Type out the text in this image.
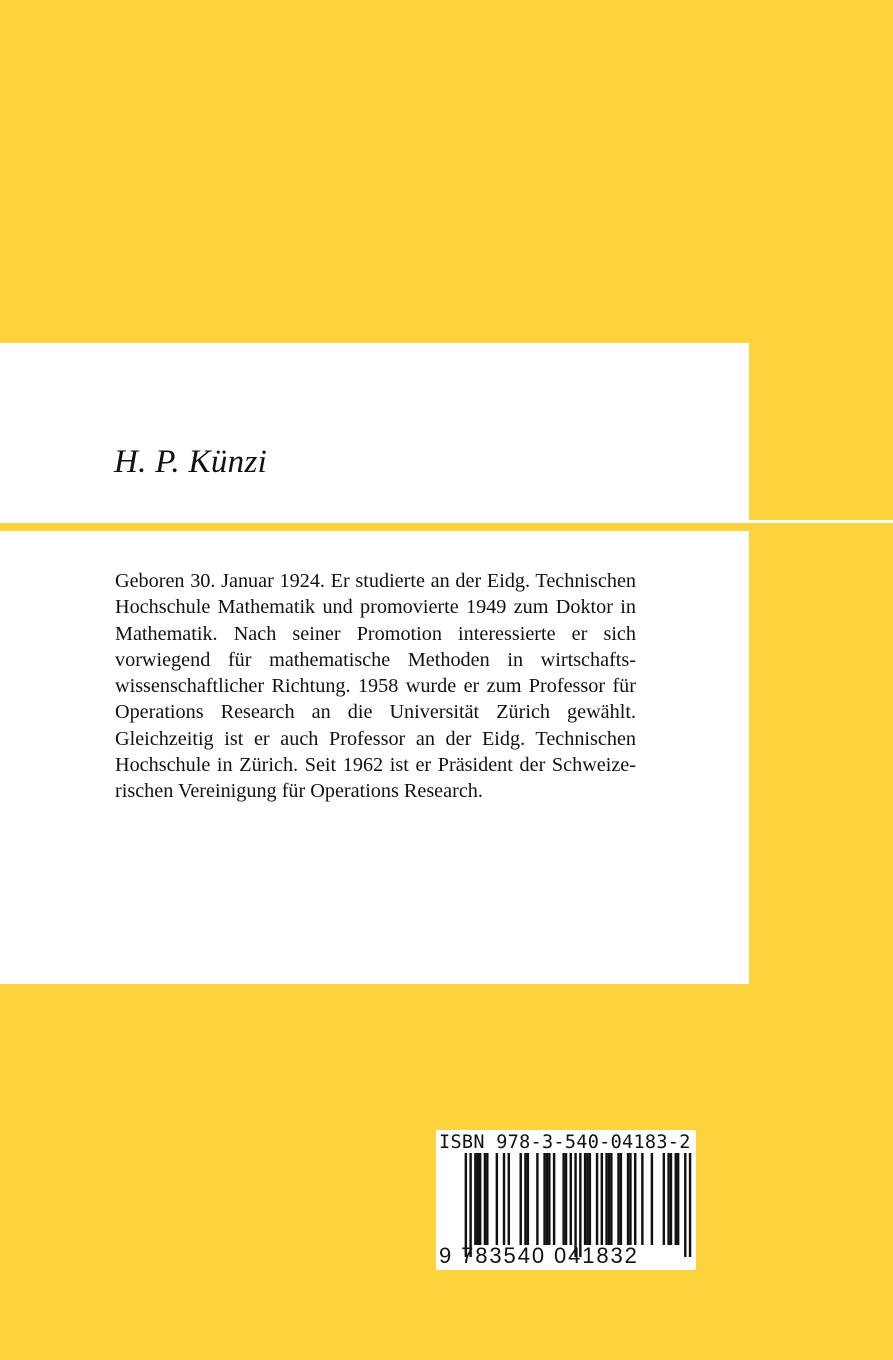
H. P. Künzi

Geboren 30. Januar 1924. Er studierte an der Eidg. Technischen Hochschule Mathematik und promovierte 1949 zum Doktor in Mathematik. Nach seiner Promotion interessierte er sich vorwiegend für mathematische Methoden in wirtschaftswissenschaftlicher Richtung. 1958 wurde er zum Professor für Operations Research an die Universität Zürich gewählt. Gleichzeitig ist er auch Professor an der Eidg. Technischen Hochschule in Zürich. Seit 1962 ist er Präsident der Schweizerischen Vereinigung für Operations Research.

ISBN 978-3-540-04183-2
9 783540 041832
